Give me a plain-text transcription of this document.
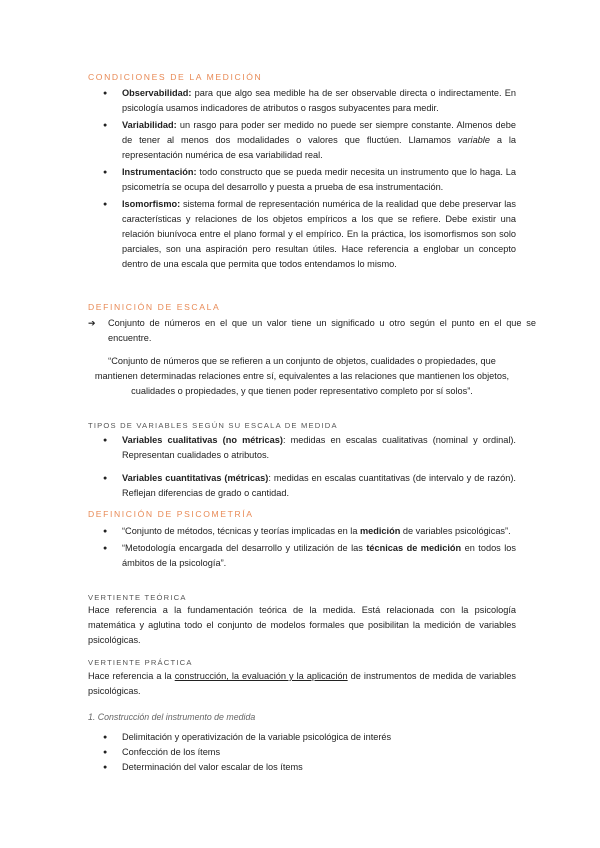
CONDICIONES DE LA MEDICIÓN
● Observabilidad: para que algo sea medible ha de ser observable directa o indirectamente. En psicología usamos indicadores de atributos o rasgos subyacentes para medir.
● Variabilidad: un rasgo para poder ser medido no puede ser siempre constante. Almenos debe de tener al menos dos modalidades o valores que fluctúen. Llamamos variable a la representación numérica de esa variabilidad real.
● Instrumentación: todo constructo que se pueda medir necesita un instrumento que lo haga. La psicometría se ocupa del desarrollo y puesta a prueba de esa instrumentación.
● Isomorfismo: sistema formal de representación numérica de la realidad que debe preservar las características y relaciones de los objetos empíricos a los que se refiere. Debe existir una relación biunívoca entre el plano formal y el empírico. En la práctica, los isomorfismos son solo parciales, son una aspiración pero resultan útiles. Hace referencia a englobar un concepto dentro de una escala que permita que todos entendamos lo mismo.
DEFINICIÓN DE ESCALA
➔ Conjunto de números en el que un valor tiene un significado u otro según el punto en el que se encuentre.
“Conjunto de números que se refieren a un conjunto de objetos, cualidades o propiedades, que mantienen determinadas relaciones entre sí, equivalentes a las relaciones que mantienen los objetos, cualidades o propiedades, y que tienen poder representativo completo por sí solos”.
TIPOS DE VARIABLES SEGÚN SU ESCALA DE MEDIDA
● Variables cualitativas (no métricas): medidas en escalas cualitativas (nominal y ordinal). Representan cualidades o atributos.
● Variables cuantitativas (métricas): medidas en escalas cuantitativas (de intervalo y de razón). Reflejan diferencias de grado o cantidad.
DEFINICIÓN DE PSICOMETRÍA
● “Conjunto de métodos, técnicas y teorías implicadas en la medición de variables psicológicas”.
● “Metodología encargada del desarrollo y utilización de las técnicas de medición en todos los ámbitos de la psicología”.
VERTIENTE TEÓRICA
Hace referencia a la fundamentación teórica de la medida. Está relacionada con la psicología matemática y aglutina todo el conjunto de modelos formales que posibilitan la medición de variables psicológicas.
VERTIENTE PRÁCTICA
Hace referencia a la construcción, la evaluación y la aplicación de instrumentos de medida de variables psicológicas.
1. Construcción del instrumento de medida
● Delimitación y operativización de la variable psicológica de interés
● Confección de los ítems
● Determinación del valor escalar de los ítems
